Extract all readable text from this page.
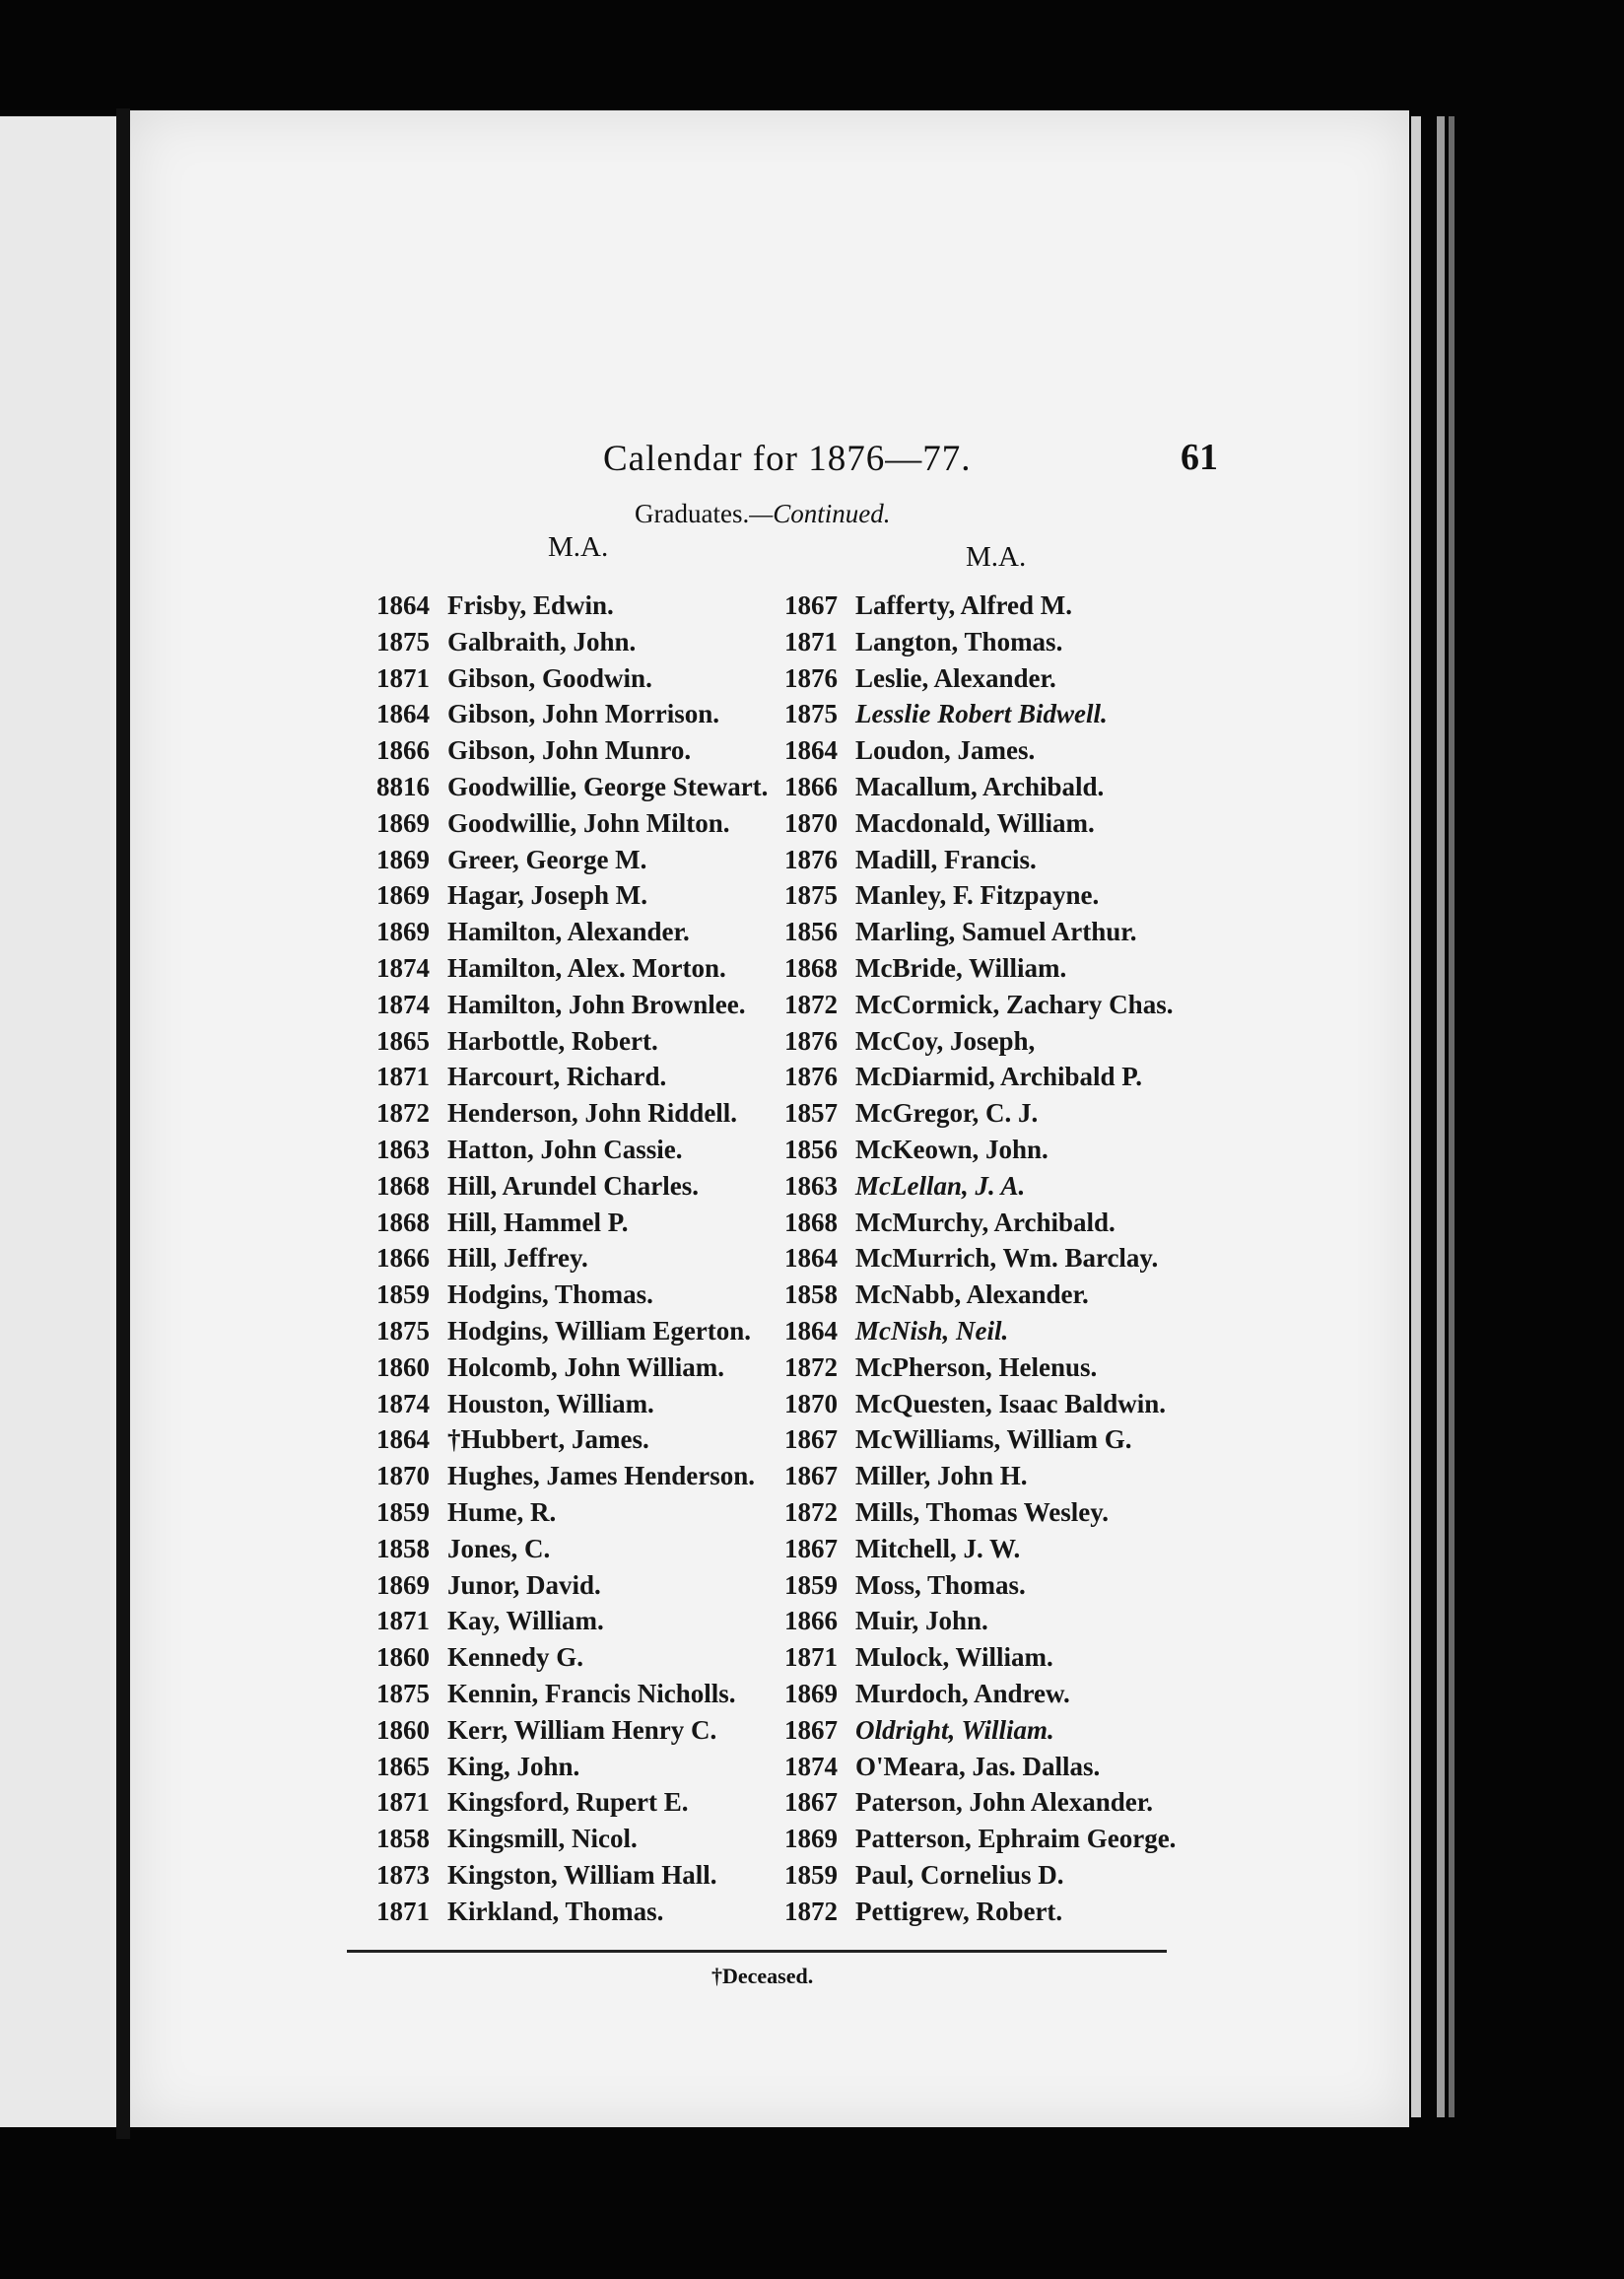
Calendar for 1876—77.	61
Graduates.—Continued.
M.A.	M.A.
1864 Frisby, Edwin.
1875 Galbraith, John.
1871 Gibson, Goodwin.
1864 Gibson, John Morrison.
1866 Gibson, John Munro.
8816 Goodwillie, George Stewart.
1869 Goodwillie, John Milton.
1869 Greer, George M.
1869 Hagar, Joseph M.
1869 Hamilton, Alexander.
1874 Hamilton, Alex. Morton.
1874 Hamilton, John Brownlee.
1865 Harbottle, Robert.
1871 Harcourt, Richard.
1872 Henderson, John Riddell.
1863 Hatton, John Cassie.
1868 Hill, Arundel Charles.
1868 Hill, Hammel P.
1866 Hill, Jeffrey.
1859 Hodgins, Thomas.
1875 Hodgins, William Egerton.
1860 Holcomb, John William.
1874 Houston, William.
1864 †Hubbert, James.
1870 Hughes, James Henderson.
1859 Hume, R.
1858 Jones, C.
1869 Junor, David.
1871 Kay, William.
1860 Kennedy G.
1875 Kennin, Francis Nicholls.
1860 Kerr, William Henry C.
1865 King, John.
1871 Kingsford, Rupert E.
1858 Kingsmill, Nicol.
1873 Kingston, William Hall.
1871 Kirkland, Thomas.
1867 Lafferty, Alfred M.
1871 Langton, Thomas.
1876 Leslie, Alexander.
1875 Lesslie Robert Bidwell.
1864 Loudon, James.
1866 Macallum, Archibald.
1870 Macdonald, William.
1876 Madill, Francis.
1875 Manley, F. Fitzpayne.
1856 Marling, Samuel Arthur.
1868 McBride, William.
1872 McCormick, Zachary Chas.
1876 McCoy, Joseph,
1876 McDiarmid, Archibald P.
1857 McGregor, C. J.
1856 McKeown, John.
1863 McLellan, J. A.
1868 McMurchy, Archibald.
1864 McMurrich, Wm. Barclay.
1858 McNabb, Alexander.
1864 McNish, Neil.
1872 McPherson, Helenus.
1870 McQuesten, Isaac Baldwin.
1867 McWilliams, William G.
1867 Miller, John H.
1872 Mills, Thomas Wesley.
1867 Mitchell, J. W.
1859 Moss, Thomas.
1866 Muir, John.
1871 Mulock, William.
1869 Murdoch, Andrew.
1867 Oldright, William.
1874 O'Meara, Jas. Dallas.
1867 Paterson, John Alexander.
1869 Patterson, Ephraim George.
1859 Paul, Cornelius D.
1872 Pettigrew, Robert.
†Deceased.
